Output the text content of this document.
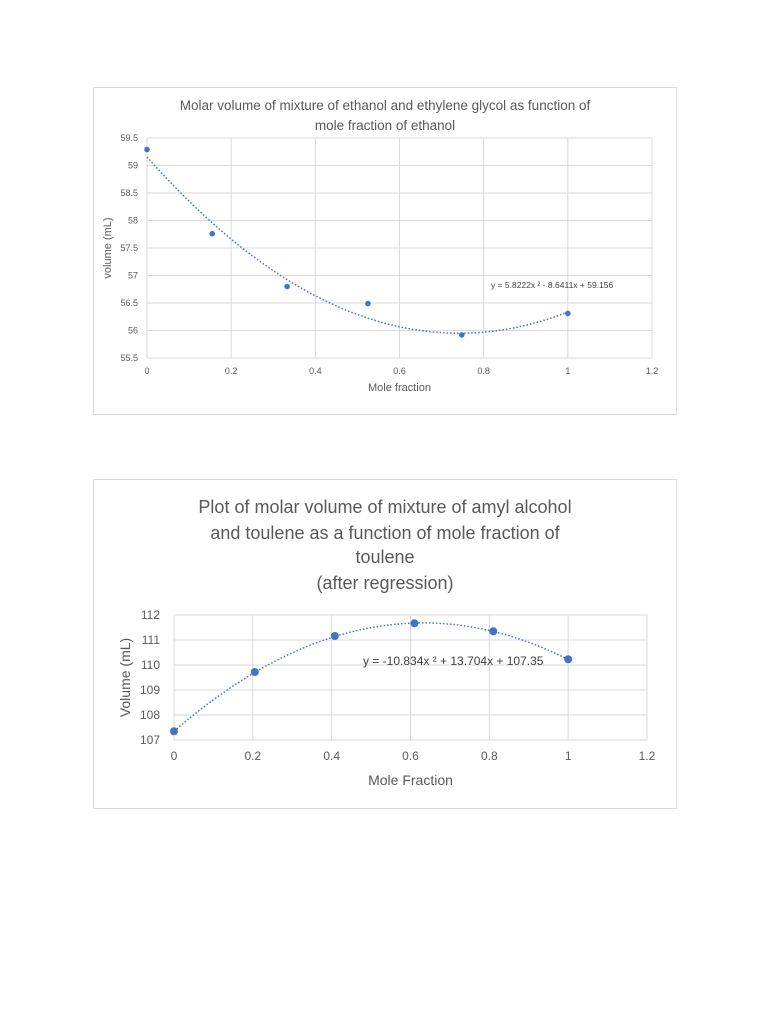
Molar volume of mixture of ethanol and ethylene glycol as function of
mole fraction of ethanol
55.5
56
56.5
57
57.5
58
58.5
59
59.5
0	0.2	0.4	0.6	0.8	1	1.2
Mole fraction
volume (mL)
y = 5.8222x ² - 8.6411x + 59.156
Plot of molar volume of mixture of amyl alcohol
and toulene as a function of mole fraction of
toulene
(after regression)
107
108
109
110
111
112
0	0.2	0.4	0.6	0.8	1	1.2
Mole Fraction
Volume (mL)	y = -10.834x ² + 13.704x + 107.35
